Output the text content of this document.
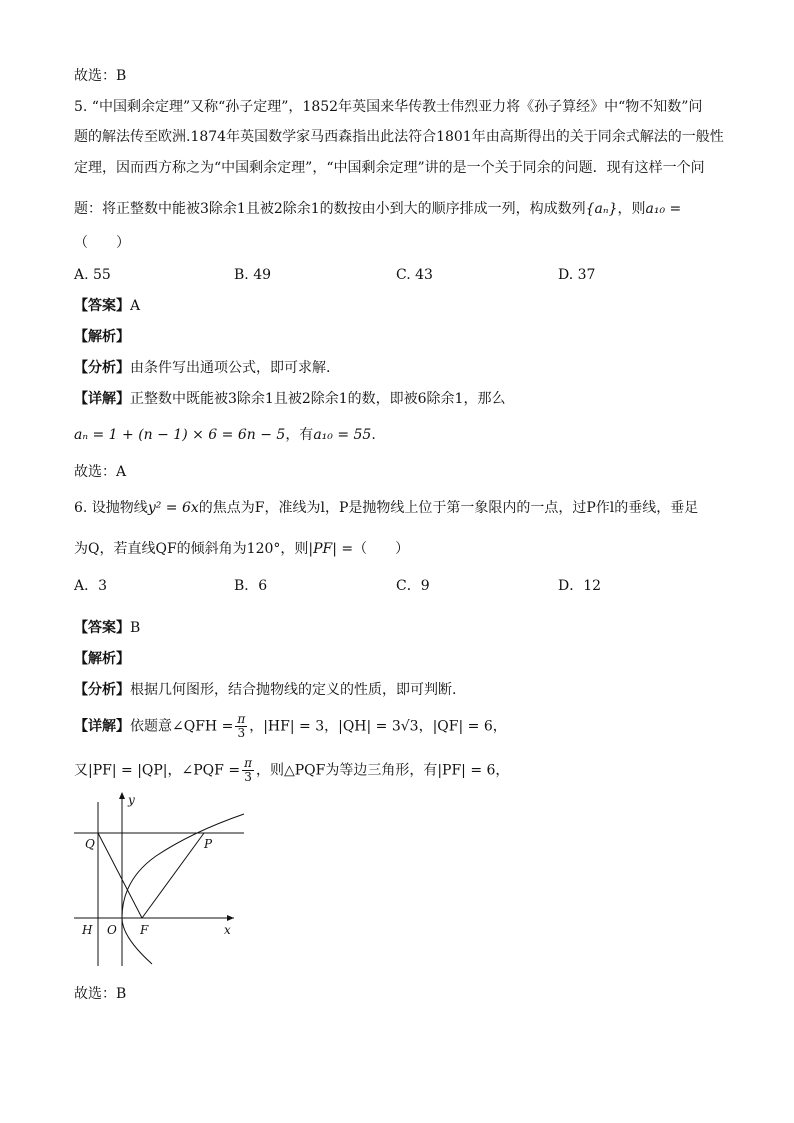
故选：B
5. “中国剩余定理”又称“孙子定理”，1852年英国来华传教士伟烈亚力将《孙子算经》中“物不知数”问
题的解法传至欧洲.1874年英国数学家马西森指出此法符合1801年由高斯得出的关于同余式解法的一般性
定理，因而西方称之为“中国剩余定理”，“中国剩余定理”讲的是一个关于同余的问题．现有这样一个问
题：将正整数中能被3除余1且被2除余1的数按由小到大的顺序排成一列，构成数列{aₙ}，则a₁₀ =
（　　）
A. 55	B. 49	C. 43	D. 37
【答案】A
【解析】
【分析】由条件写出通项公式，即可求解.
【详解】正整数中既能被3除余1且被2除余1的数，即被6除余1，那么
aₙ = 1 + (n − 1) × 6 = 6n − 5，有a₁₀ = 55.
故选：A
6. 设抛物线y² = 6x的焦点为F，准线为l，P是抛物线上位于第一象限内的一点，过P作l的垂线，垂足
为Q，若直线QF的倾斜角为120°，则|PF| =（　　）
A．3	B．6	C．9	D．12
【答案】B
【解析】
【分析】根据几何图形，结合抛物线的定义的性质，即可判断.
【详解】依题意∠QFH = $\frac{\pi}{3}$ ，|HF| = 3，|QH| = 3√3，|QF| = 6，
又|PF| = |QP|，∠PQF = $\frac{\pi}{3}$ ，则△PQF为等边三角形，有|PF| = 6，
y
x
Q	P
H O F
故选：B
